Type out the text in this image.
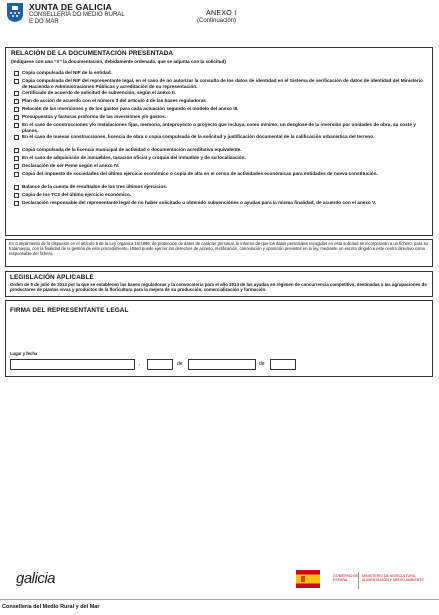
XUNTA DE GALICIA
CONSELLERÍA DO MEDIO RURAL
E DO MAR
ANEXO I
(Continuación)
RELACIÓN DE LA DOCUMENTACIÓN PRESENTADA
(Indíquese con una “X” la documentación, debidamente ordenada, que se adjunta con la solicitud)
Copia compulsada del NIF de la entidad.
Copia compulsada del NIF del representante legal, en el caso de no autorizar la consulta de los datos de identidad en el Sistema de verificación de datos de identidad del Ministerio de Hacienda o Administraciones Públicas y acreditación de su representación.
Certificado de acuerdo de solicitud de subvención, según el anexo II.
Plan de acción de acuerdo con el número 3 del artículo 4 de las bases reguladoras
Relación de las inversiones y de los gastos para cada actuación segundo el modelo del anexo III.
Presupuestos y facturas proforma de las inversiones y/o gastos.
En el caso de construcciones y/o instalaciones fijas, memoria, anteproyecto o proyecto que incluya, como mínimo, un desglose de la inversión por unidades de obra, su coste y planos.
En el caso de nuevas construcciones, licencia de obra o copia compulsada de la solicitud y justificación documental de la calificación urbanística del terreno.
Copia compulsada de la licencia municipal de actividad o documentación acreditativa equivalente.
En el caso de adquisición de inmuebles, tasación oficial y croquis del inmueble y de su localización.
Declaración de ser Peme según el anexo IV.
Copia del impuesto de sociedades del último ejercicio económico o copia de alta en el censo de actividades económicas para entidades de nueva constitución.
Balance de la cuenta de resultados de los tres últimos ejercicios.
Copia de los TC2 del último ejercicio económico.
Declaración responsable del representante legal de no haber solicitado u obtenido subvenciónes o ayudas para la misma finalidad, de acuerdo con el anexo V.
En cumplimiento de lo dispuesto en el artículo 5 de la Ley orgánica 15/1999, de protección de datos de carácter personal, le informo de que los datos personales recogidos en esta solicitud se incorporarán a un fichero, para su tratamiento, con la finalidad de la gestión de este procedimiento. Usted puede ejercer los derechos de acceso, rectificación, cancelación y oposición previstos en la ley, mediante un escrito dirigido a este centro directivo como responsable del fichero.
LEGISLACIÓN APLICABLE
Orden de 9 de julio de 2013 por la que se establecen las bases reguladoras y la convocatoria para el año 2013 de las ayudas en régimen de concurrencia competitiva, destinadas a las agrupaciones de productores de plantas vivas y productos de la floricultura para la mejora de su producción, comercialización y formación.
FIRMA DEL REPRESENTANTE LEGAL
Lugar y fecha
,	de	de
galicia	GOBIERNO DE ESPAÑA
MINISTERIO DE AGRICULTURA, ALIMENTACIÓN Y MEDIO AMBIENTE
Consellería del Medio Rural y del Mar
